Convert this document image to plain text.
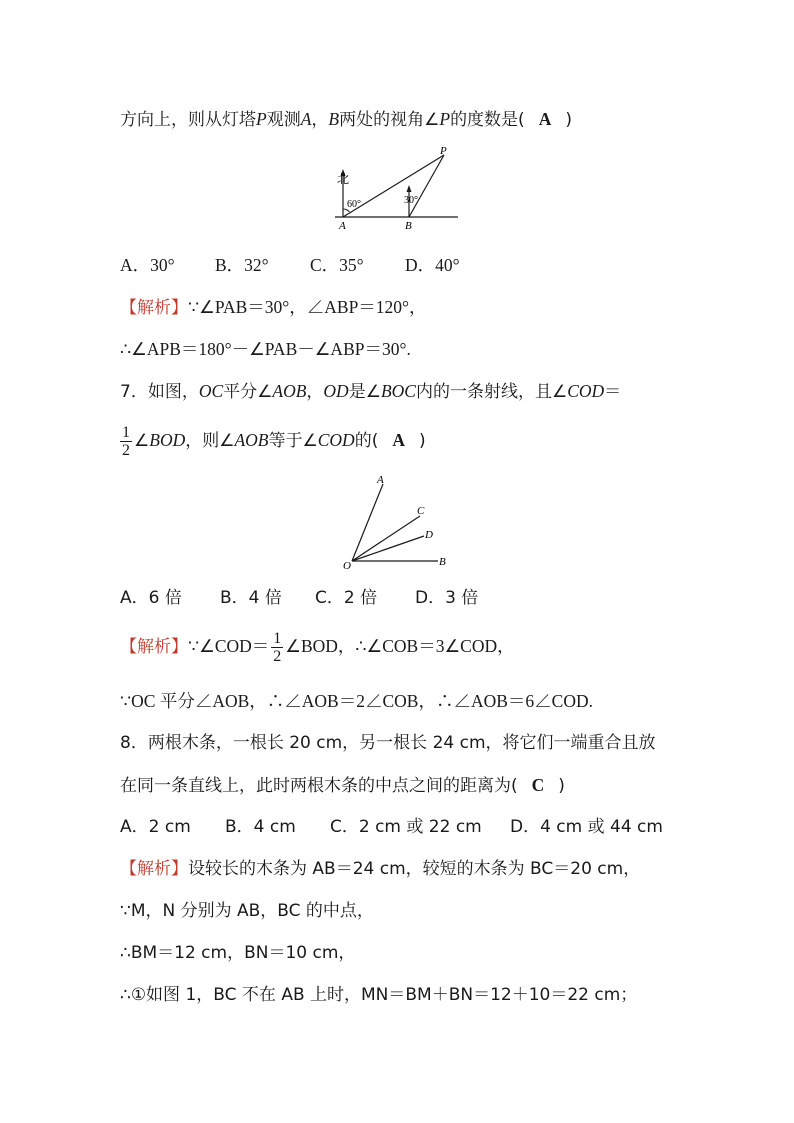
方向上，则从灯塔P观测A，B两处的视角∠P的度数是( A )
北
60°	30°
A	B
P
A．30° B．32° C．35° D．40°
【解析】∵∠PAB＝30°，∠ABP＝120°，
∴∠APB＝180°－∠PAB－∠ABP＝30°.
7．如图，OC平分∠AOB，OD是∠BOC内的一条射线，且∠COD＝
$\frac{1}{2}$ ∠BOD，则∠AOB等于∠COD的( A )
A
C
D
B
O
A．6 倍 B．4 倍 C．2 倍 D．3 倍
【解析】∵∠COD＝ $\frac{1}{2}$ ∠BOD，∴∠COB＝3∠COD，
∵OC 平分∠AOB，∴∠AOB＝2∠COB，∴∠AOB＝6∠COD.
8．两根木条，一根长 20 cm，另一根长 24 cm，将它们一端重合且放
在同一条直线上，此时两根木条的中点之间的距离为( C )
A．2 cm B．4 cm C．2 cm 或 22 cm D．4 cm 或 44 cm
【解析】设较长的木条为 AB＝24 cm，较短的木条为 BC＝20 cm，
∵M，N 分别为 AB，BC 的中点，
∴BM＝12 cm，BN＝10 cm，
∴①如图 1，BC 不在 AB 上时，MN＝BM＋BN＝12＋10＝22 cm；
